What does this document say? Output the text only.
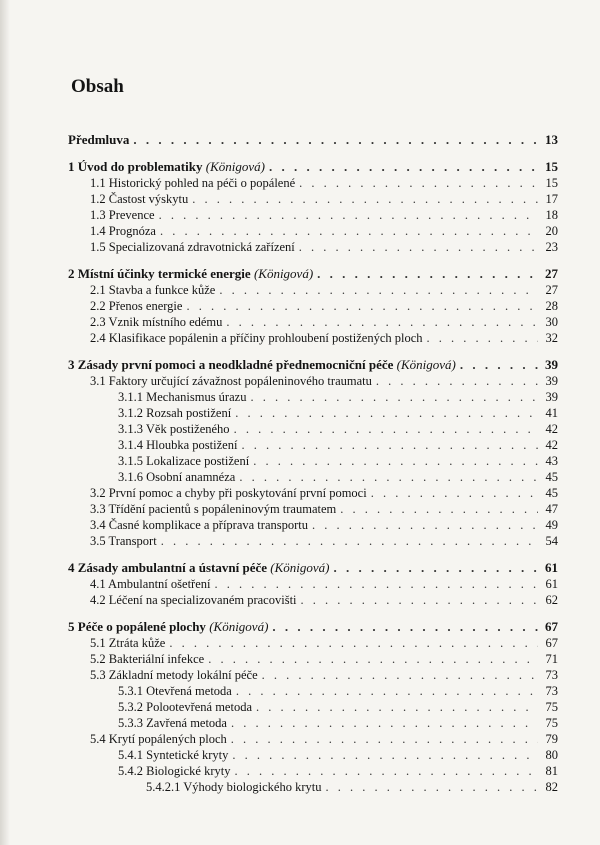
Obsah
Předmluva . . .	13
1 Úvod do problematiky (Königová) . . .	15
1.1 Historický pohled na péči o popálené . . .	15
1.2 Častost výskytu . . .	17
1.3 Prevence . . .	18
1.4 Prognóza . . .	20
1.5 Specializovaná zdravotnická zařízení . . .	23
2 Místní účinky termické energie (Königová) . . .	27
2.1 Stavba a funkce kůže . . .	27
2.2 Přenos energie . . .	28
2.3 Vznik místního edému . . .	30
2.4 Klasifikace popálenin a příčiny prohloubení postižených ploch . . .	32
3 Zásady první pomoci a neodkladné přednemocniční péče (Königová) . . .	39
3.1 Faktory určující závažnost popáleninového traumatu . . .	39
3.1.1 Mechanismus úrazu . . .	39
3.1.2 Rozsah postižení . . .	41
3.1.3 Věk postiženého . . .	42
3.1.4 Hloubka postižení . . .	42
3.1.5 Lokalizace postižení . . .	43
3.1.6 Osobní anamnéza . . .	45
3.2 První pomoc a chyby při poskytování první pomoci . . .	45
3.3 Třídění pacientů s popáleninovým traumatem . . .	47
3.4 Časné komplikace a příprava transportu . . .	49
3.5 Transport . . .	54
4 Zásady ambulantní a ústavní péče (Königová) . . .	61
4.1 Ambulantní ošetření . . .	61
4.2 Léčení na specializovaném pracovišti . . .	62
5 Péče o popálené plochy (Königová) . . .	67
5.1 Ztráta kůže . . .	67
5.2 Bakteriální infekce . . .	71
5.3 Základní metody lokální péče . . .	73
5.3.1 Otevřená metoda . . .	73
5.3.2 Polootevřená metoda . . .	75
5.3.3 Zavřená metoda . . .	75
5.4 Krytí popálených ploch . . .	79
5.4.1 Syntetické kryty . . .	80
5.4.2 Biologické kryty . . .	81
5.4.2.1 Výhody biologického krytu . . .	82
